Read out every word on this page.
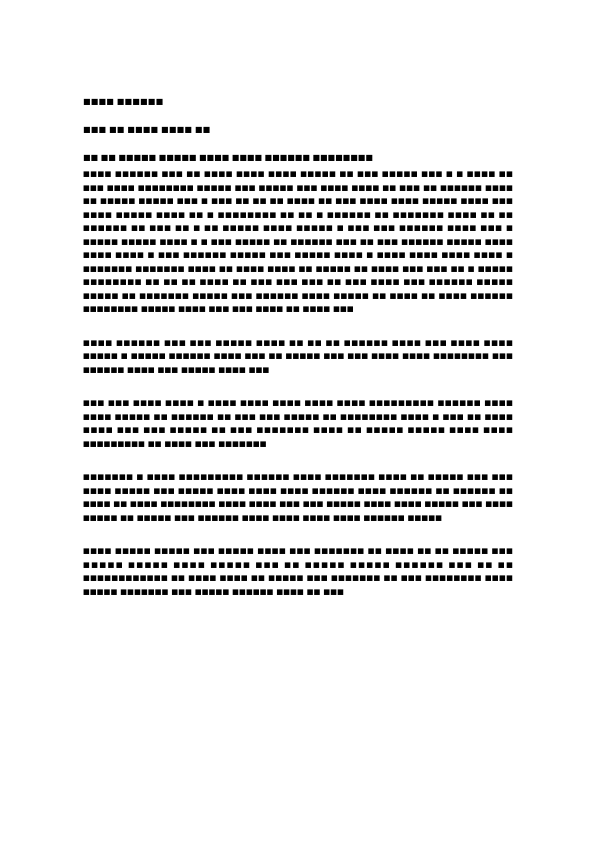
■■■■ ■■■■■■
■■■ ■■ ■■■■ ■■■■ ■■
■■ ■■ ■■■■■ ■■■■■ ■■■■ ■■■■ ■■■■■■ ■■■■■■■■

■■■■ ■■■■■■ ■■■ ■■ ■■■■ ■■■■ ■■■■ ■■■■■ ■■ ■■■ ■■■■■ ■■■ ■ ■ ■■■■ ■■ ■■■ ■■■■ ■■■■■■■■ ■■■■■ ■■■ ■■■■■ ■■■ ■■■■ ■■■■ ■■ ■■■ ■■ ■■■■■■ ■■■■ ■■ ■■■■■ ■■■■■ ■■■ ■ ■■■ ■■ ■■ ■■ ■■■■ ■■ ■■■ ■■■■ ■■■■ ■■■■■ ■■■■ ■■■ ■■■■ ■■■■■ ■■■■ ■■ ■ ■■■■■■■■ ■■ ■■ ■ ■■■■■■ ■■ ■■■■■■■ ■■■■ ■■ ■■ ■■■■■■ ■■ ■■■ ■■ ■ ■■ ■■■■■ ■■■■ ■■■■■ ■ ■■■ ■■■ ■■■■■■ ■■■■ ■■■ ■ ■■■■■ ■■■■■ ■■■■ ■ ■ ■■■ ■■■■■ ■■ ■■■■■■ ■■■ ■■ ■■■ ■■■■■■ ■■■■■ ■■■■ ■■■■ ■■■■ ■ ■■■ ■■■■■■ ■■■■■ ■■■ ■■■■■ ■■■■ ■ ■■■■ ■■■■ ■■■■ ■■■■ ■ ■■■■■■■ ■■■■■■■ ■■■■ ■■ ■■■■ ■■■■ ■■ ■■■■■ ■■ ■■■■ ■■■ ■■■ ■■ ■ ■■■■■ ■■■■■■■■ ■■ ■■ ■■ ■■■■ ■■ ■■■ ■■■ ■■■ ■■ ■■■ ■■■■ ■■■ ■■■■■■ ■■■■■ ■■■■■ ■■ ■■■■■■■ ■■■■■ ■■■ ■■■■■■ ■■■■ ■■■■■ ■■ ■■■■ ■■ ■■■■ ■■■■■■ ■■■■■■■■ ■■■■■ ■■■■ ■■■ ■■■ ■■■■ ■■ ■■■■ ■■■

■■■■ ■■■■■■ ■■■ ■■■ ■■■■■ ■■■■ ■■ ■■ ■■ ■■■■■■ ■■■■ ■■■ ■■■■ ■■■■ ■■■■■ ■ ■■■■■ ■■■■■■ ■■■■ ■■■ ■■ ■■■■■ ■■■ ■■■ ■■■■ ■■■■ ■■■■■■■■ ■■■ ■■■■■■ ■■■■ ■■■ ■■■■■ ■■■■ ■■■

■■■ ■■■ ■■■■ ■■■■ ■ ■■■■ ■■■■ ■■■■ ■■■■ ■■■■ ■■■■■■■■■ ■■■■■■ ■■■■ ■■■■ ■■■■■ ■■ ■■■■■■ ■■ ■■■ ■■■ ■■■■■ ■■ ■■■■■■■■ ■■■■ ■ ■■■ ■■ ■■■■ ■■■■ ■■■ ■■■ ■■■■■ ■■ ■■■ ■■■■■■■ ■■■■ ■■ ■■■■■ ■■■■■ ■■■■ ■■■■ ■■■■■■■■■ ■■ ■■■■ ■■■ ■■■■■■■

■■■■■■■ ■ ■■■■ ■■■■■■■■■ ■■■■■■ ■■■■ ■■■■■■■ ■■■■ ■■ ■■■■■ ■■■ ■■■ ■■■■ ■■■■■ ■■■ ■■■■■ ■■■■ ■■■■ ■■■■ ■■■■■■ ■■■■ ■■■■■■ ■■ ■■■■■■ ■■ ■■■■ ■■ ■■■■ ■■■■■■■■ ■■■■ ■■■■ ■■■ ■■■ ■■■■■ ■■■■ ■■■■ ■■■■■ ■■■ ■■■■ ■■■■■ ■■ ■■■■■ ■■■ ■■■■■■ ■■■■ ■■■■ ■■■■ ■■■■ ■■■■■■ ■■■■■

■■■■ ■■■■■ ■■■■■ ■■■ ■■■■■ ■■■■ ■■■ ■■■■■■■ ■■ ■■■■ ■■ ■■ ■■■■■ ■■■ ■■■■■ ■■■■■ ■■■■ ■■■■■ ■■■ ■■ ■■■■■ ■■■■■ ■■■■■■ ■■■ ■■ ■■ ■■■■■■■■■■■■ ■■ ■■■■ ■■■■ ■■ ■■■■■ ■■■ ■■■■■■■ ■■ ■■■ ■■■■■■■■ ■■■■ ■■■■■ ■■■■■■■ ■■■ ■■■■■ ■■■■■■ ■■■■ ■■ ■■■
